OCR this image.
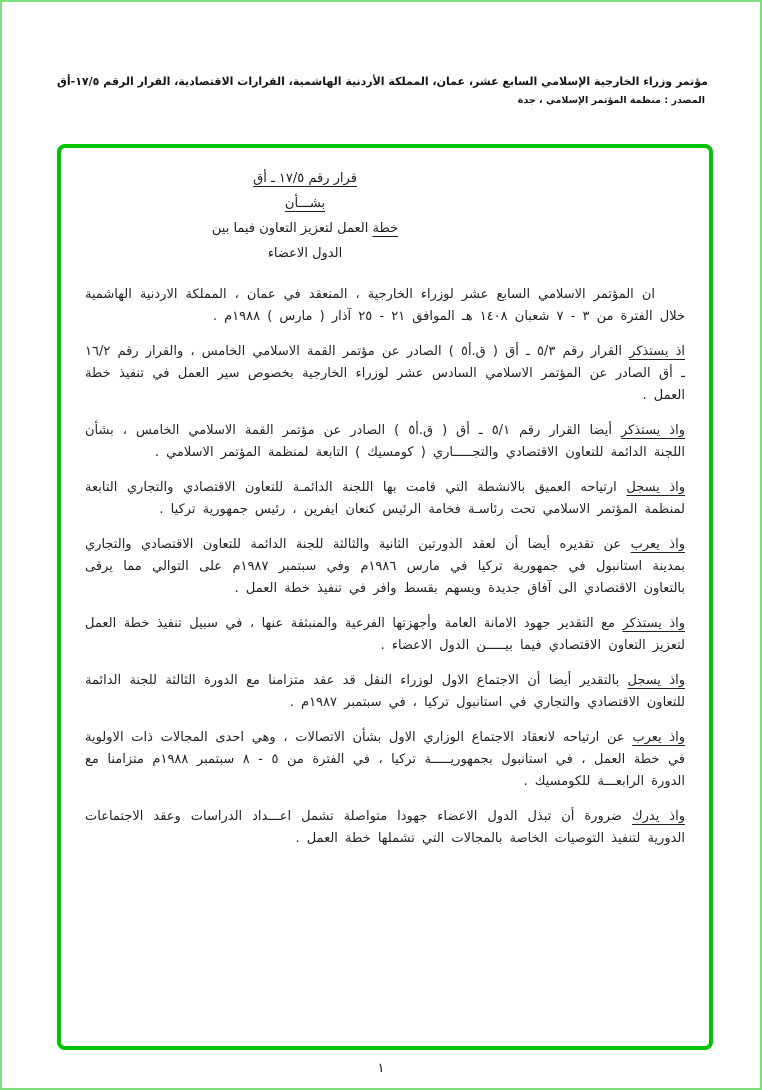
مؤتمر وزراء الخارجية الإسلامي السابع عشر، عمان، المملكة الأردنية الهاشمية، القرارات الاقتصادية، القرار الرقم ١٧/٥-أق
المصدر : منظمة المؤتمر الإسلامي ، جدة
قرار رقم ١٧/٥ ـ أق
بشـــأن
خطة العمل لتعزيز التعاون فيما بين
الدول الاعضاء

ان المؤتمر الاسلامي السابع عشر لوزراء الخارجية ، المنعقد في عمان ، المملكة الاردنية الهاشمية خلال الفترة من ٣ - ٧ شعبان ١٤٠٨ هـ الموافق ٢١ - ٢٥ آذار ( مارس ) ١٩٨٨م .

اذ يستذكر القرار رقم ٥/٣ ـ أق ( ق.أ٥ ) الصادر عن مؤتمر القمة الاسلامي الخامس ، والقرار رقم ١٦/٢ ـ أق الصادر عن المؤتمر الاسلامي السادس عشر لوزراء الخارجية بخصوص سير العمل في تنفيذ خطة العمل .

واذ يستذكر أيضا القرار رقم ٥/١ ـ أق ( ق.أ٥ ) الصادر عن مؤتمر القمة الاسلامي الخامس ، بشأن اللجنة الدائمة للتعاون الاقتصادي والتجـــــاري ( كومسيك ) التابعة لمنظمة المؤتمر الاسلامي .

واذ يسجل ارتياحه العميق بالانشطة التي قامت بها اللجنة الدائمـة للتعاون الاقتصادي والتجاري التابعة لمنظمة المؤتمر الاسلامي تحت رئاسـة فخامة الرئيس كنعان ايفرين ، رئيس جمهورية تركيا .

واذ يعرب عن تقديره أيضا أن لعقد الدورتين الثانية والثالثة للجنة الدائمة للتعاون الاقتصادي والتجاري بمدينة استانبول في جمهورية تركيا في مارس ١٩٨٦م وفي سبتمبر ١٩٨٧م على التوالي مما يرقى بالتعاون الاقتصادي الى آفاق جديدة ويسهم بقسط وافر في تنفيذ خطة العمل .

واذ يستذكر مع التقدير جهود الامانة العامة وأجهزتها الفرعية والمنبثقة عنها ، في سبيل تنفيذ خطة العمل لتعزيز التعاون الاقتصادي فيما بيـــــن الدول الاعضاء .

واذ يسجل بالتقدير أيضا أن الاجتماع الاول لوزراء النقل قد عقد متزامنا مع الدورة الثالثة للجنة الدائمة للتعاون الاقتصادي والتجاري في استانبول تركيا ، في سبتمبر ١٩٨٧م .

واذ يعرب عن ارتياحه لانعقاد الاجتماع الوزاري الاول بشأن الاتصالات ، وهي احدى المجالات ذات الاولوية في خطة العمل ، في استانبول بجمهوريـــــة تركيا ، في الفترة من ٥ - ٨ سبتمبر ١٩٨٨م متزامنا مع الدورة الرابعـــة للكومسيك .

واذ يدرك ضرورة أن تبذل الدول الاعضاء جهودا متواصلة تشمل اعـــداد الدراسات وعقد الاجتماعات الدورية لتنفيذ التوصيات الخاصة بالمجالات التي تشملها خطة العمل .

١
